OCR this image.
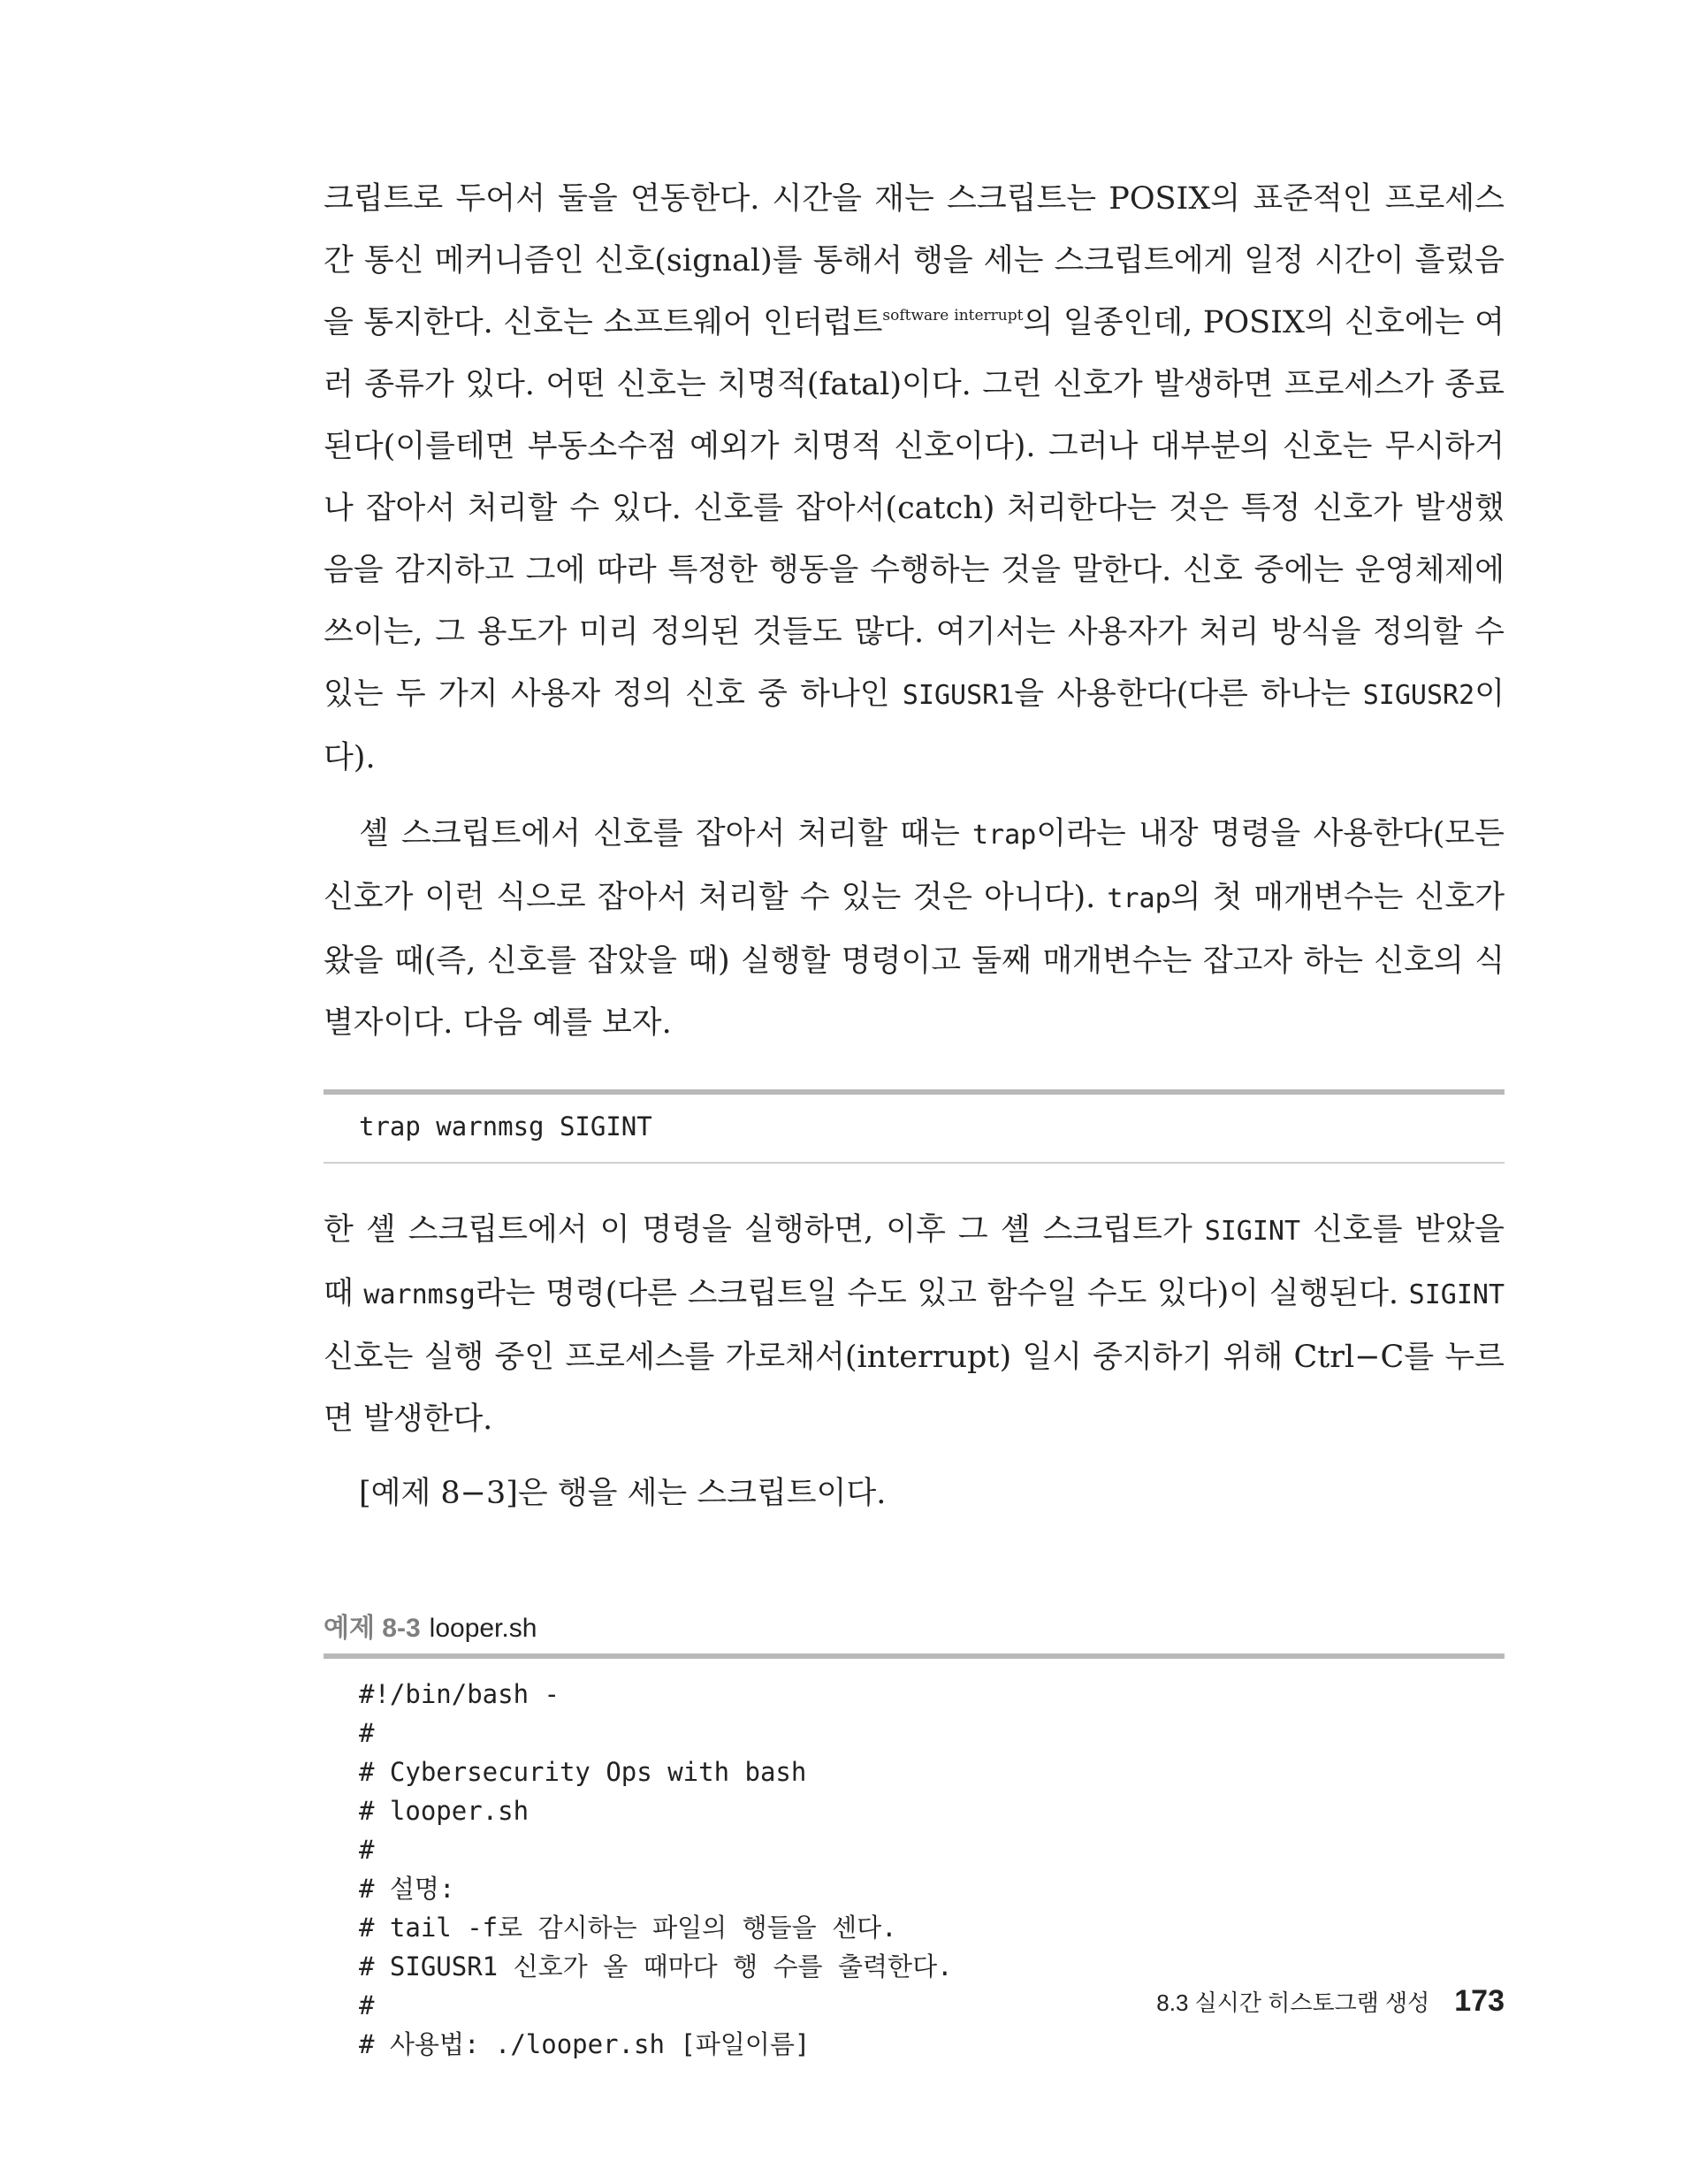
크립트로 두어서 둘을 연동한다. 시간을 재는 스크립트는 POSIX의 표준적인 프로세스 간 통신 메커니즘인 신호(signal)를 통해서 행을 세는 스크립트에게 일정 시간이 흘렀음을 통지한다. 신호는 소프트웨어 인터럽트$^{software interrupt}$의 일종인데, POSIX의 신호에는 여러 종류가 있다. 어떤 신호는 치명적(fatal)이다. 그런 신호가 발생하면 프로세스가 종료된다(이를테면 부동소수점 예외가 치명적 신호이다). 그러나 대부분의 신호는 무시하거나 잡아서 처리할 수 있다. 신호를 잡아서(catch) 처리한다는 것은 특정 신호가 발생했음을 감지하고 그에 따라 특정한 행동을 수행하는 것을 말한다. 신호 중에는 운영체제에 쓰이는, 그 용도가 미리 정의된 것들도 많다. 여기서는 사용자가 처리 방식을 정의할 수 있는 두 가지 사용자 정의 신호 중 하나인 SIGUSR1을 사용한다(다른 하나는 SIGUSR2이다).

셸 스크립트에서 신호를 잡아서 처리할 때는 trap이라는 내장 명령을 사용한다(모든 신호가 이런 식으로 잡아서 처리할 수 있는 것은 아니다). trap의 첫 매개변수는 신호가 왔을 때(즉, 신호를 잡았을 때) 실행할 명령이고 둘째 매개변수는 잡고자 하는 신호의 식별자이다. 다음 예를 보자.

trap warnmsg SIGINT

한 셸 스크립트에서 이 명령을 실행하면, 이후 그 셸 스크립트가 SIGINT 신호를 받았을 때 warnmsg라는 명령(다른 스크립트일 수도 있고 함수일 수도 있다)이 실행된다. SIGINT 신호는 실행 중인 프로세스를 가로채서(interrupt) 일시 중지하기 위해 Ctrl−C를 누르면 발생한다.

[예제 8−3]은 행을 세는 스크립트이다.

예제 8-3 looper.sh
#!/bin/bash -
#
# Cybersecurity Ops with bash
# looper.sh
#
# 설명:
# tail -f로 감시하는 파일의 행들을 센다.
# SIGUSR1 신호가 올 때마다 행 수를 출력한다.
#
# 사용법: ./looper.sh [파일이름]
8.3 실시간 히스토그램 생성 173
